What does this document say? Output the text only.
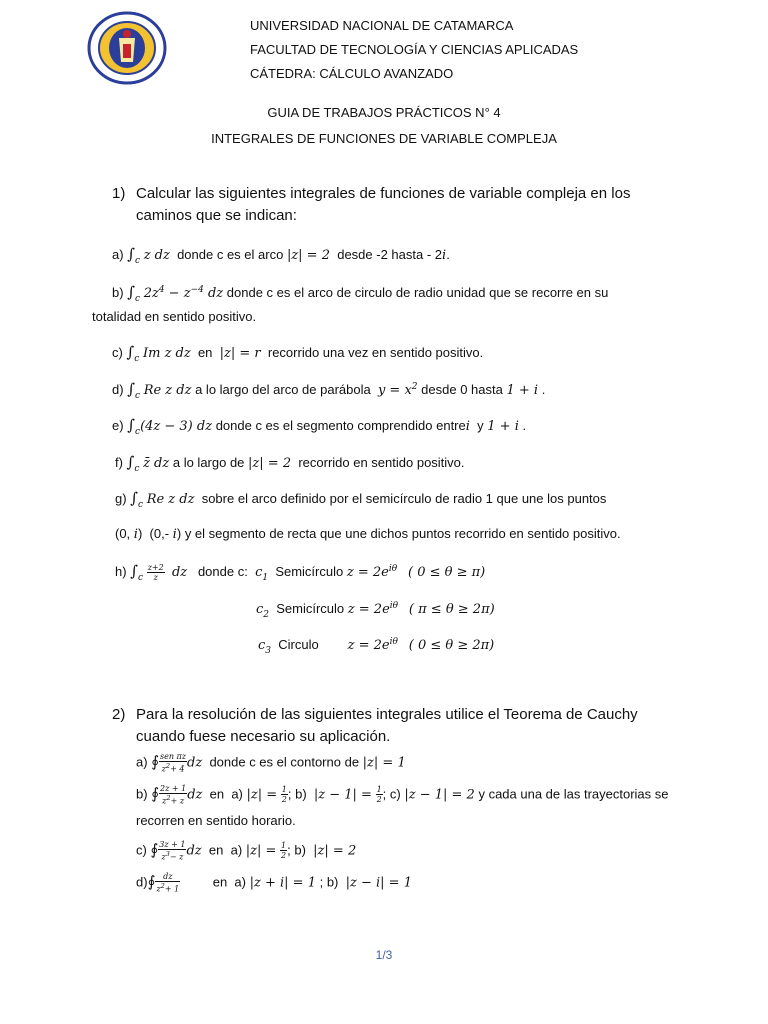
UNIVERSIDAD NACIONAL DE CATAMARCA
FACULTAD DE TECNOLOGÍA Y CIENCIAS APLICADAS
CÁTEDRA: CÁLCULO AVANZADO
GUIA DE TRABAJOS PRÁCTICOS N° 4
INTEGRALES DE FUNCIONES DE VARIABLE COMPLEJA
1) Calcular las siguientes integrales de funciones de variable compleja en los caminos que se indican:
a) $\int_c$ z dz donde c es el arco |z| = 2 desde -2 hasta - 2i.
b) $\int_c$ $2z^4 - z^{-4}$ dz donde c es el arco de circulo de radio unidad que se recorre en su
totalidad en sentido positivo.
c) $\int_c$ Im z dz en |z| = r recorrido una vez en sentido positivo.
d) $\int_c$ Re z dz a lo largo del arco de parábola $y = x^2$ desde 0 hasta 1 + i .
e) $\int_c(4z - 3)$ dz donde c es el segmento comprendido entrei y 1 + i .
f) $\int_c$ z̄ dz a lo largo de |z| = 2 recorrido en sentido positivo.
g) $\int_c$ Re z dz sobre el arco definido por el semicírculo de radio 1 que une los puntos
(0, i) (0,- i) y el segmento de recta que une dichos puntos recorrido en sentido positivo.
h) $\int_c \frac{z+2}{z}$ dz donde c: $c_1$ Semicírculo $z = 2e^{i\theta}$ ( 0 ≤ θ ≥ π)
$c_2$ Semicírculo $z = 2e^{i\theta}$ ( π ≤ θ ≥ 2π)
$c_3$ Circulo $z = 2e^{i\theta}$ ( 0 ≤ θ ≥ 2π)
2) Para la resolución de las siguientes integrales utilice el Teorema de Cauchy cuando fuese necesario su aplicación.
a) ∮ $\frac{\text{sen πz}}{z^2+ 4}$ dz donde c es el contorno de |z| = 1
b) ∮ $\frac{2z + 1}{z^2+ z}$ dz en a) $|z| = \frac{1}{2}$ ; b) $|z - 1| = \frac{1}{2}$ ; c) |z − 1| = 2 y cada una de las trayectorias se
recorren en sentido horario.
c) ∮ $\frac{3z + 1}{z^3- z}$ dz en a) $|z| = \frac{1}{2}$ ; b) |z| = 2
d)∮ $\frac{dz}{z^2+ 1}$	en a) |z + i| = 1 ; b) |z − i| = 1
1/3
